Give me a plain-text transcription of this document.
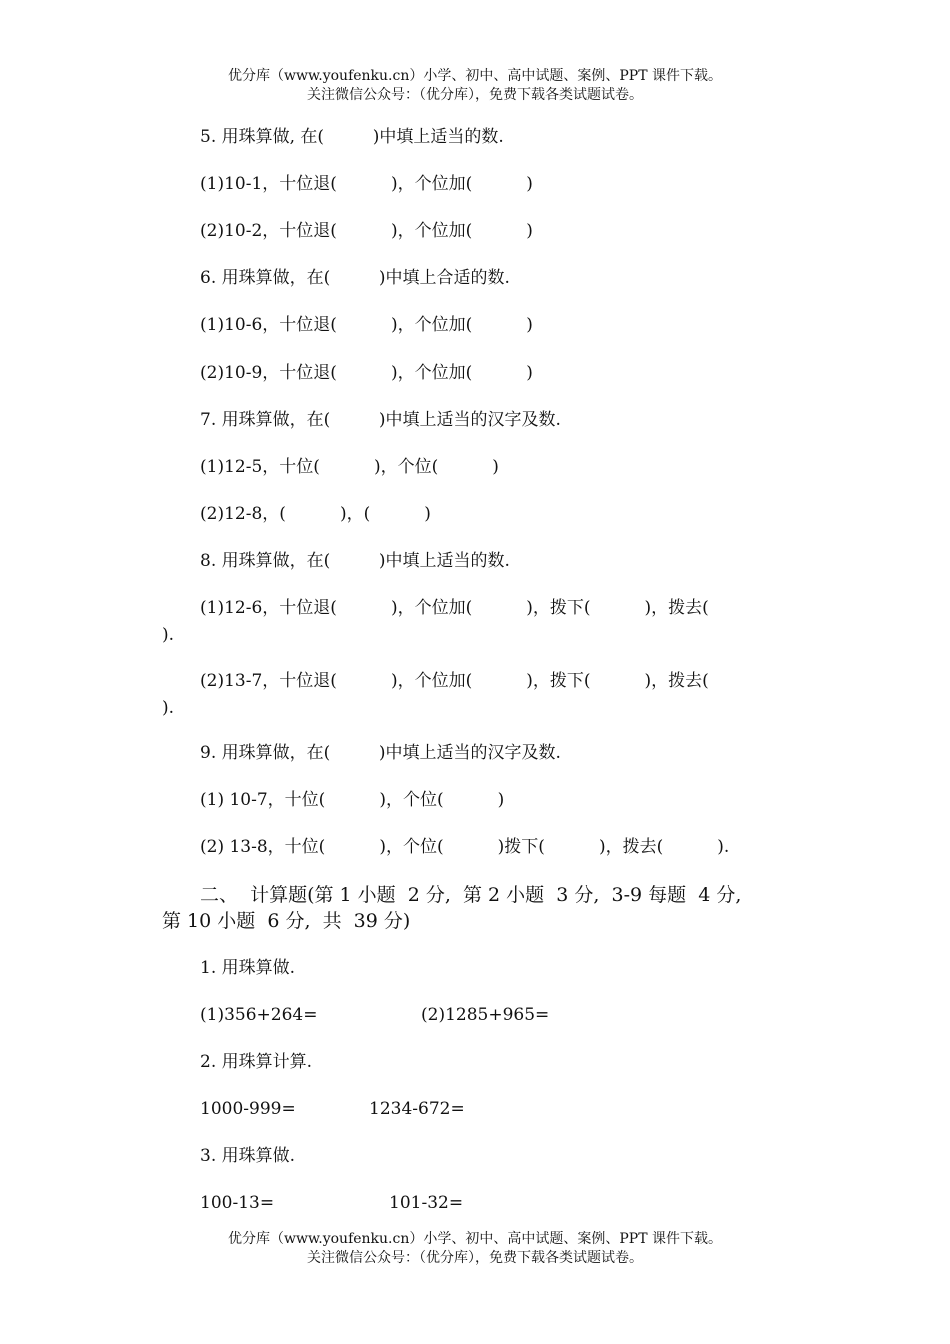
优分库（www.youfenku.cn）小学、初中、高中试题、案例、PPT 课件下载。
关注微信公众号：（优分库），免费下载各类试题试卷。
5. 用珠算做, 在(         )中填上适当的数.
(1)10-1，十位退(          )，个位加(          )
(2)10-2，十位退(          )，个位加(          )
6. 用珠算做，在(         )中填上合适的数.
(1)10-6，十位退(          )，个位加(          )
(2)10-9，十位退(          )，个位加(          )
7. 用珠算做，在(         )中填上适当的汉字及数.
(1)12-5，十位(          )，个位(          )
(2)12-8，(          )，(          )
8. 用珠算做，在(         )中填上适当的数.
(1)12-6，十位退(          )，个位加(          )，拨下(          )，拨去(
).
(2)13-7，十位退(          )，个位加(          )，拨下(          )，拨去(
).
9. 用珠算做，在(         )中填上适当的汉字及数.
(1) 10-7，十位(          )，个位(          )
(2) 13-8，十位(          )，个位(          )拨下(          )，拨去(          ).
二、  计算题(第 1 小题  2 分,  第 2 小题  3 分,  3-9 每题  4 分,
第 10 小题  6 分,  共  39 分)
1. 用珠算做.
(1)356+264=	(2)1285+965=
2. 用珠算计算.
1000-999=	1234-672=
3. 用珠算做.
100-13=	101-32=
优分库（www.youfenku.cn）小学、初中、高中试题、案例、PPT 课件下载。
关注微信公众号：（优分库），免费下载各类试题试卷。
